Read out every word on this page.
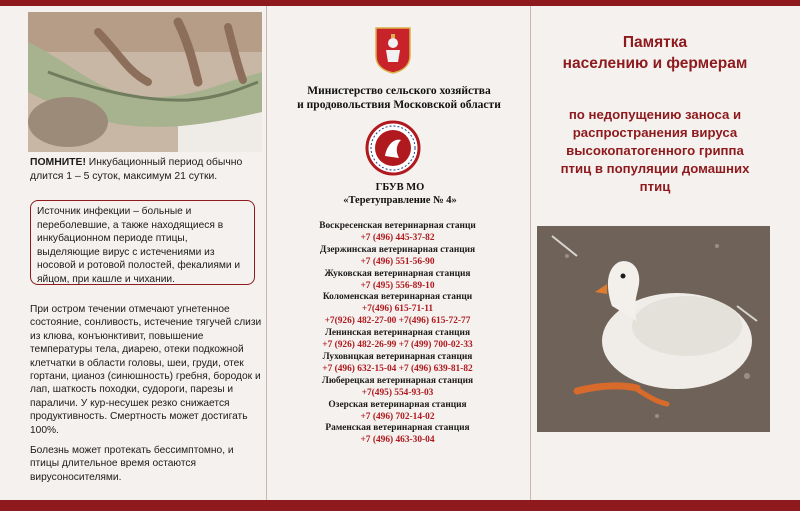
ПОМНИТЕ! Инкубационный период обычно длится 1 – 5 суток, максимум 21 сутки.
Источник инфекции – больные и переболевшие, а также находящиеся в инкубационном периоде птицы, выделяющие вирус с истечениями из носовой и ротовой полостей, фекалиями и яйцом, при кашле и чихании.
При остром течении отмечают угнетенное состояние, сонливость, истечение тягучей слизи из клюва, конъюнктивит, повышение температуры тела, диарею, отеки подкожной клетчатки в области головы, шеи, груди, отек гортани, цианоз (синюшность) гребня, бородок и лап, шаткость походки, судороги, парезы и параличи. У кур-несушек резко снижается продуктивность. Смертность может достигать 100%.
Болезнь может протекать бессимптомно, и птицы длительное время остаются вирусоносителями.
Министерство сельского хозяйства
и продовольствия Московской области
ГБУВ МО
«Теретуправление № 4»
Воскресенская ветеринарная станци
+7 (496) 445-37-82
Дзержинская ветеринарная станция
+7 (496) 551-56-90
Жуковская ветеринарная станция
+7 (495) 556-89-10
Коломенская ветеринарная станци
+7(496) 615-71-11
+7(926) 482-27-00 +7(496) 615-72-77
Ленинская ветеринарная станция
+7 (926) 482-26-99 +7 (499) 700-02-33
Луховицкая ветеринарная станция
+7 (496) 632-15-04 +7 (496) 639-81-82
Люберецкая ветеринарная станция
+7(495) 554-93-03
Озерская ветеринарная станция
+7 (496) 702-14-02
Раменская ветеринарная станция
+7 (496) 463-30-04
Памятка
населению и фермерам
по недопущению заноса и
распространения вируса
высокопатогенного гриппа
птиц в популяции домашних
птиц
